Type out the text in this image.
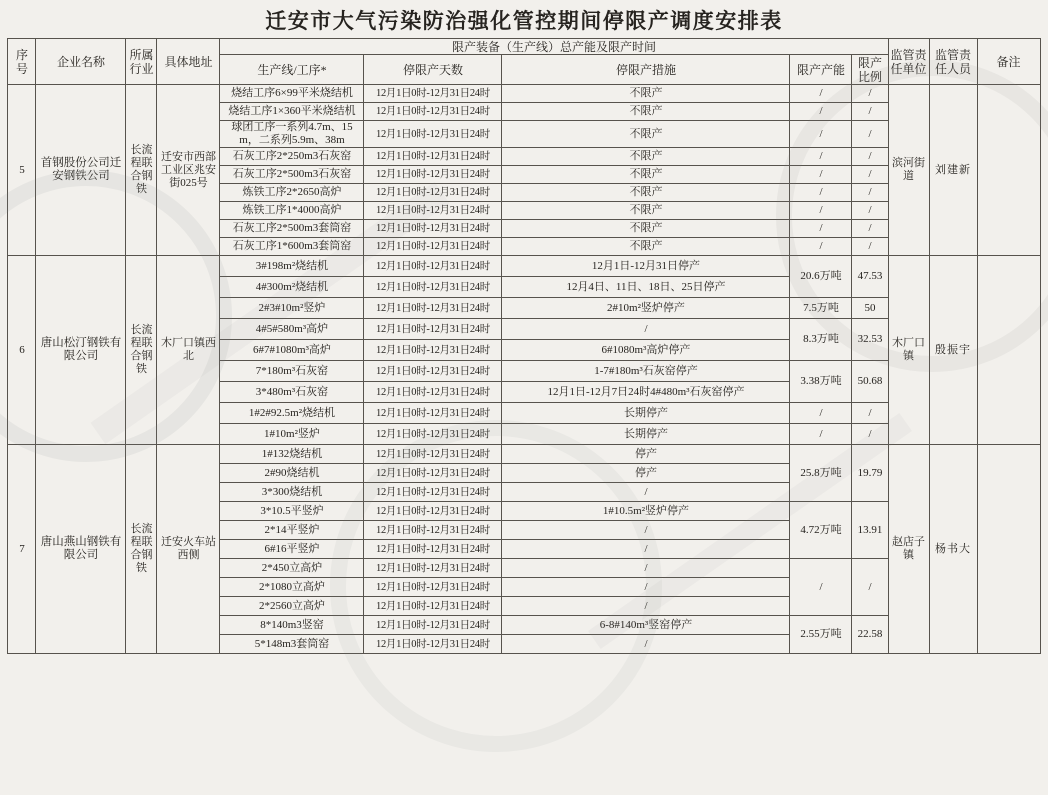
迁安市大气污染防治强化管控期间停限产调度安排表
序号	企业名称	所属行业	具体地址	限产装备（生产线）总产能及限产时间					监管责任单位	监管责任人员	备注
				生产线/工序*	停限产天数	停限产措施	限产产能	限产比例			
5	首钢股份公司迁安钢铁公司	长流程联合钢铁	迁安市西部工业区兆安街025号	烧结工序6×99平米烧结机	12月1日0时-12月31日24时	不限产	/	/	滨河街道	刘建新	
				烧结工序1×360平米烧结机	12月1日0时-12月31日24时	不限产	/	/			
				球团工序一系列4.7m、15m，二系列5.9m、38m	12月1日0时-12月31日24时	不限产	/	/			
				石灰工序2*250m3石灰窑	12月1日0时-12月31日24时	不限产	/	/			
				石灰工序2*500m3石灰窑	12月1日0时-12月31日24时	不限产	/	/			
				炼铁工序2*2650高炉	12月1日0时-12月31日24时	不限产	/	/			
				炼铁工序1*4000高炉	12月1日0时-12月31日24时	不限产	/	/			
				石灰工序2*500m3套筒窑	12月1日0时-12月31日24时	不限产	/	/			
				石灰工序1*600m3套筒窑	12月1日0时-12月31日24时	不限产	/	/			
6	唐山松汀钢铁有限公司	长流程联合钢铁	木厂口镇西北	3#198m²烧结机	12月1日0时-12月31日24时	12月1日-12月31日停产	20.6万吨	47.53	木厂口镇	殷振宇	
				4#300m²烧结机	12月1日0时-12月31日24时	12月4日、11日、18日、25日停产					
				2#3#10m²竖炉	12月1日0时-12月31日24时	2#10m²竖炉停产	7.5万吨	50			
				4#5#580m³高炉	12月1日0时-12月31日24时	/	8.3万吨	32.53			
				6#7#1080m³高炉	12月1日0时-12月31日24时	6#1080m³高炉停产					
				7*180m³石灰窑	12月1日0时-12月31日24时	1-7#180m³石灰窑停产	3.38万吨	50.68			
				3*480m³石灰窑	12月1日0时-12月31日24时	12月1日-12月7日24时4#480m³石灰窑停产					
				1#2#92.5m²烧结机	12月1日0时-12月31日24时	长期停产	/	/			
				1#10m²竖炉	12月1日0时-12月31日24时	长期停产	/	/			
7	唐山燕山钢铁有限公司	长流程联合钢铁	迁安火车站西侧	1#132烧结机	12月1日0时-12月31日24时	停产	25.8万吨	19.79	赵店子镇	杨书大	
				2#90烧结机	12月1日0时-12月31日24时	停产					
				3*300烧结机	12月1日0时-12月31日24时	/					
				3*10.5平竖炉	12月1日0时-12月31日24时	1#10.5m²竖炉停产	4.72万吨	13.91			
				2*14平竖炉	12月1日0时-12月31日24时	/					
				6#16平竖炉	12月1日0时-12月31日24时	/					
				2*450立高炉	12月1日0时-12月31日24时	/	/	/			
				2*1080立高炉	12月1日0时-12月31日24时	/					
				2*2560立高炉	12月1日0时-12月31日24时	/					
				8*140m3竖窑	12月1日0时-12月31日24时	6-8#140m³竖窑停产	2.55万吨	22.58			
				5*148m3套筒窑	12月1日0时-12月31日24时	/					
